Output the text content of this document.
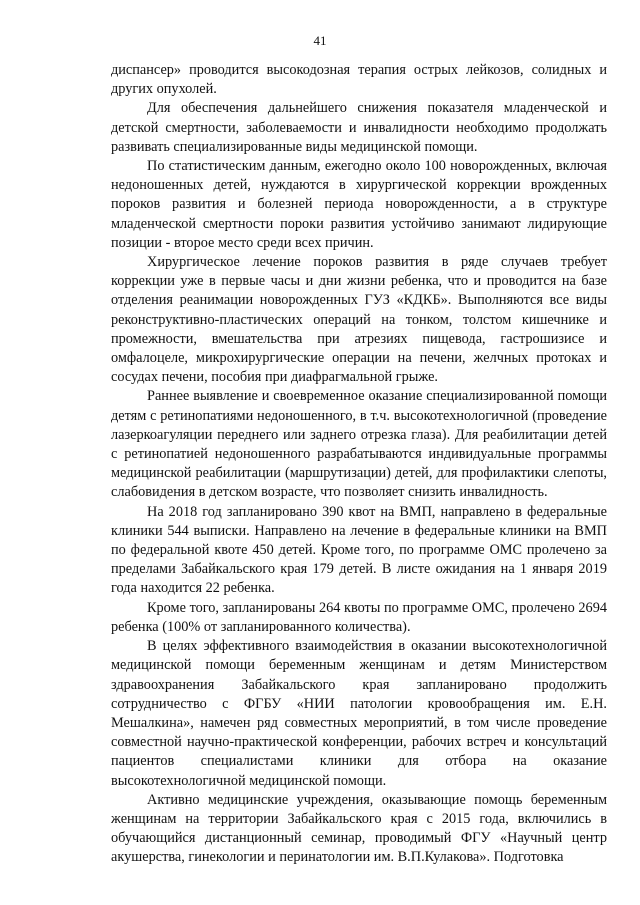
41

диспансер» проводится высокодозная терапия острых лейкозов, солидных и других опухолей.

Для обеспечения дальнейшего снижения показателя младенческой и детской смертности, заболеваемости и инвалидности необходимо продолжать развивать специализированные виды медицинской помощи.

По статистическим данным, ежегодно около 100 новорожденных, включая недоношенных детей, нуждаются в хирургической коррекции врожденных пороков развития и болезней периода новорожденности, а в структуре младенческой смертности пороки развития устойчиво занимают лидирующие позиции - второе место среди всех причин.

Хирургическое лечение пороков развития в ряде случаев требует коррекции уже в первые часы и дни жизни ребенка, что и проводится на базе отделения реанимации новорожденных ГУЗ «КДКБ». Выполняются все виды реконструктивно-пластических операций на тонком, толстом кишечнике и промежности, вмешательства при атрезиях пищевода, гастрошизисе и омфалоцеле, микрохирургические операции на печени, желчных протоках и сосудах печени, пособия при диафрагмальной грыже.

Раннее выявление и своевременное оказание специализированной помощи детям с ретинопатиями недоношенного, в т.ч. высокотехнологичной (проведение лазеркоагуляции переднего или заднего отрезка глаза). Для реабилитации детей с ретинопатией недоношенного разрабатываются индивидуальные программы медицинской реабилитации (маршрутизации) детей, для профилактики слепоты, слабовидения в детском возрасте, что позволяет снизить инвалидность.

На 2018 год запланировано 390 квот на ВМП, направлено в федеральные клиники 544 выписки. Направлено на лечение в федеральные клиники на ВМП по федеральной квоте 450 детей. Кроме того, по программе ОМС пролечено за пределами Забайкальского края 179 детей. В листе ожидания на 1 января 2019 года находится 22 ребенка.

Кроме того, запланированы 264 квоты по программе ОМС, пролечено 2694 ребенка (100% от запланированного количества).

В целях эффективного взаимодействия в оказании высокотехнологичной медицинской помощи беременным женщинам и детям Министерством здравоохранения Забайкальского края запланировано продолжить сотрудничество с ФГБУ «НИИ патологии кровообращения им. Е.Н. Мешалкина», намечен ряд совместных мероприятий, в том числе проведение совместной научно-практической конференции, рабочих встреч и консультаций пациентов специалистами клиники для отбора на оказание высокотехнологичной медицинской помощи.

Активно медицинские учреждения, оказывающие помощь беременным женщинам на территории Забайкальского края с 2015 года, включились в обучающийся дистанционный семинар, проводимый ФГУ «Научный центр акушерства, гинекологии и перинатологии им. В.П.Кулакова». Подготовка
